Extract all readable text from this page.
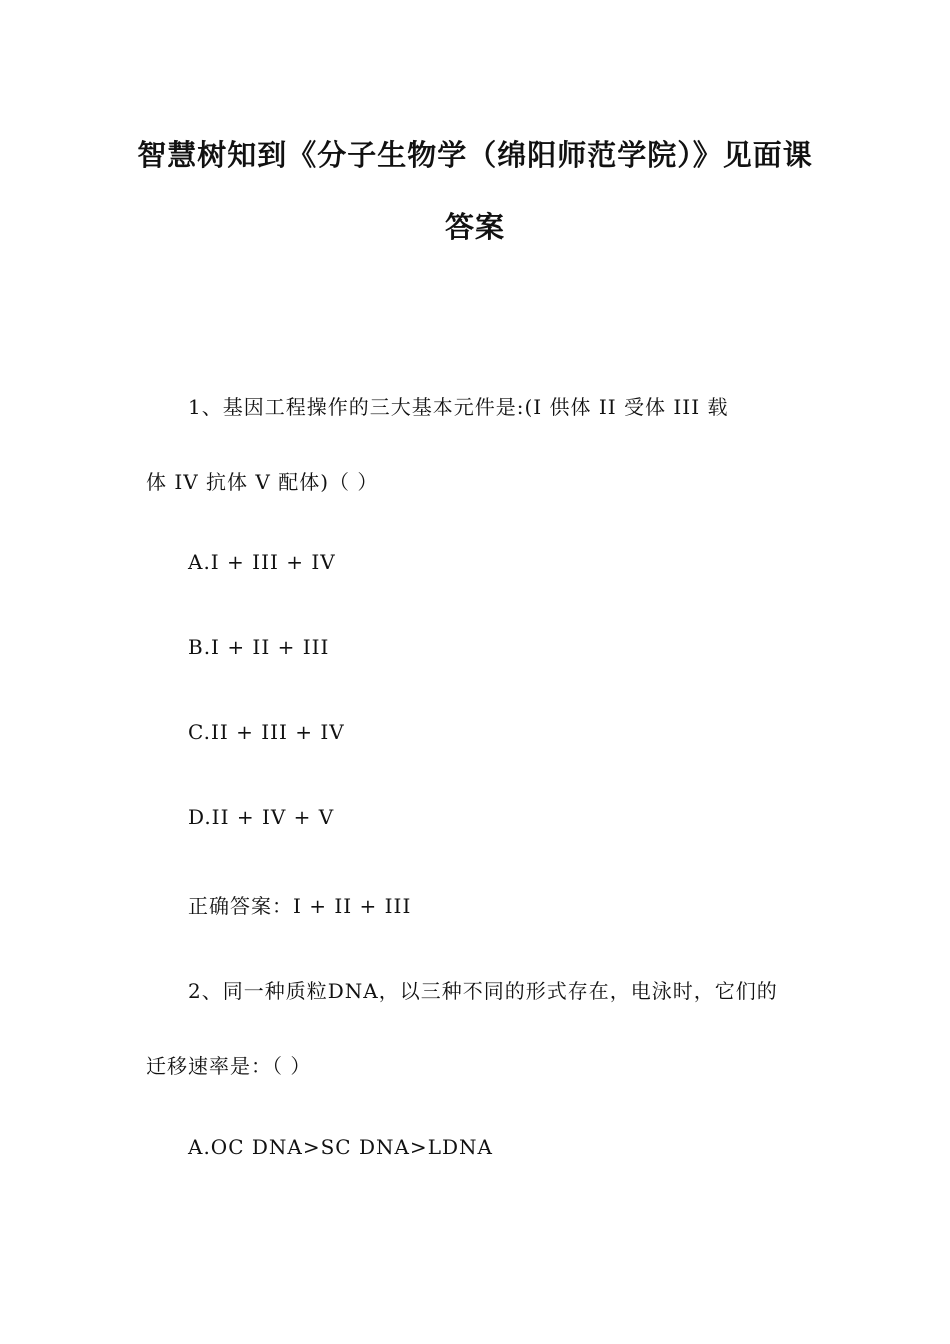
智慧树知到《分子生物学（绵阳师范学院）》见面课
答案

1、基因工程操作的三大基本元件是:(I 供体 II 受体 III 载

体 IV 抗体 V 配体)（ ）

A.I + III + IV

B.I + II + III

C.II + III + IV

D.II + IV + V

正确答案：I + II + III

2、同一种质粒DNA，以三种不同的形式存在，电泳时，它们的

迁移速率是：（ ）

A.OC DNA>SC DNA>LDNA
